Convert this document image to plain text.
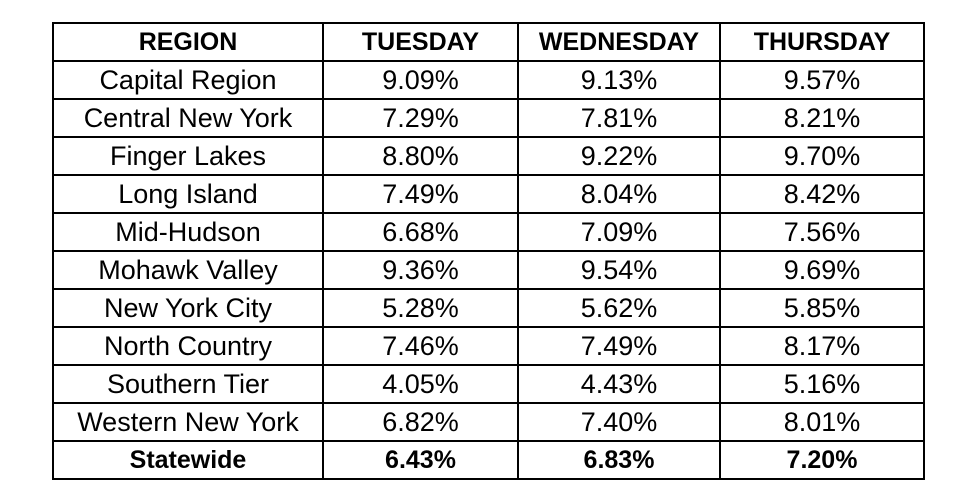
REGION	TUESDAY	WEDNESDAY	THURSDAY
Capital Region	9.09%	9.13%	9.57%
Central New York	7.29%	7.81%	8.21%
Finger Lakes	8.80%	9.22%	9.70%
Long Island	7.49%	8.04%	8.42%
Mid-Hudson	6.68%	7.09%	7.56%
Mohawk Valley	9.36%	9.54%	9.69%
New York City	5.28%	5.62%	5.85%
North Country	7.46%	7.49%	8.17%
Southern Tier	4.05%	4.43%	5.16%
Western New York	6.82%	7.40%	8.01%
Statewide	6.43%	6.83%	7.20%
